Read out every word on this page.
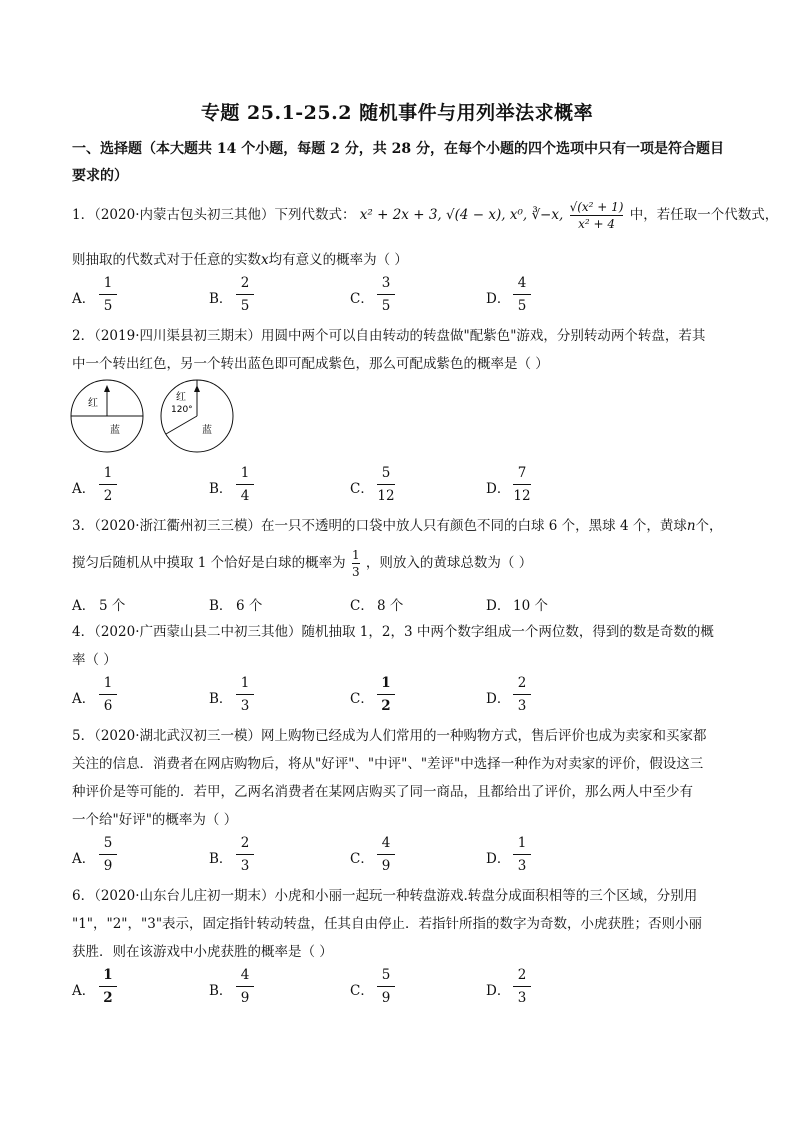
专题 25.1-25.2 随机事件与用列举法求概率
一、选择题（本大题共 14 个小题，每题 2 分，共 28 分，在每个小题的四个选项中只有一项是符合题目要求的）
1．（2020·内蒙古包头初三其他）下列代数式： x² + 2x + 3, √(4 − x), x⁰, ∛−x, $\frac{\text{√(x² + 1)}}{\text{x² + 4}}$ 中，若任取一个代数式，
则抽取的代数式对于任意的实数x均有意义的概率为（ ）
A．
1
5	B．
2
5	C．
3
5	D．
4
5
2．（2019·四川渠县初三期末）用圆中两个可以自由转动的转盘做"配紫色"游戏，分别转动两个转盘，若其
中一个转出红色，另一个转出蓝色即可配成紫色，那么可配成紫色的概率是（ ）
红
蓝
红
120°
蓝
A．
1
2	B．
1
4	C．
5
12	D．
7
12
3．（2020·浙江衢州初三三模）在一只不透明的口袋中放人只有颜色不同的白球 6 个，黑球 4 个，黄球n个，
搅匀后随机从中摸取 1 个恰好是白球的概率为 $\frac{1}{3}$ ，则放入的黄球总数为（ ）
A． 5 个	B． 6 个	C． 8 个	D． 10 个
4．（2020·广西蒙山县二中初三其他）随机抽取 1，2，3 中两个数字组成一个两位数，得到的数是奇数的概
率（ ）
A．
1
6	B．
1
3	C．
1
2	D．
2
3
5．（2020·湖北武汉初三一模）网上购物已经成为人们常用的一种购物方式，售后评价也成为卖家和买家都
关注的信息．消费者在网店购物后，将从"好评"、"中评"、"差评"中选择一种作为对卖家的评价，假设这三
种评价是等可能的．若甲，乙两名消费者在某网店购买了同一商品，且都给出了评价，那么两人中至少有
一个给"好评"的概率为（ ）
A．
5
9	B．
2
3	C．
4
9	D．
1
3
6．（2020·山东台儿庄初一期末）小虎和小丽一起玩一种转盘游戏.转盘分成面积相等的三个区域，分别用
"1"，"2"，"3"表示，固定指针转动转盘，任其自由停止．若指针所指的数字为奇数，小虎获胜；否则小丽
获胜．则在该游戏中小虎获胜的概率是（ ）
A．
1
2	B．
4
9	C．
5
9	D．
2
3
